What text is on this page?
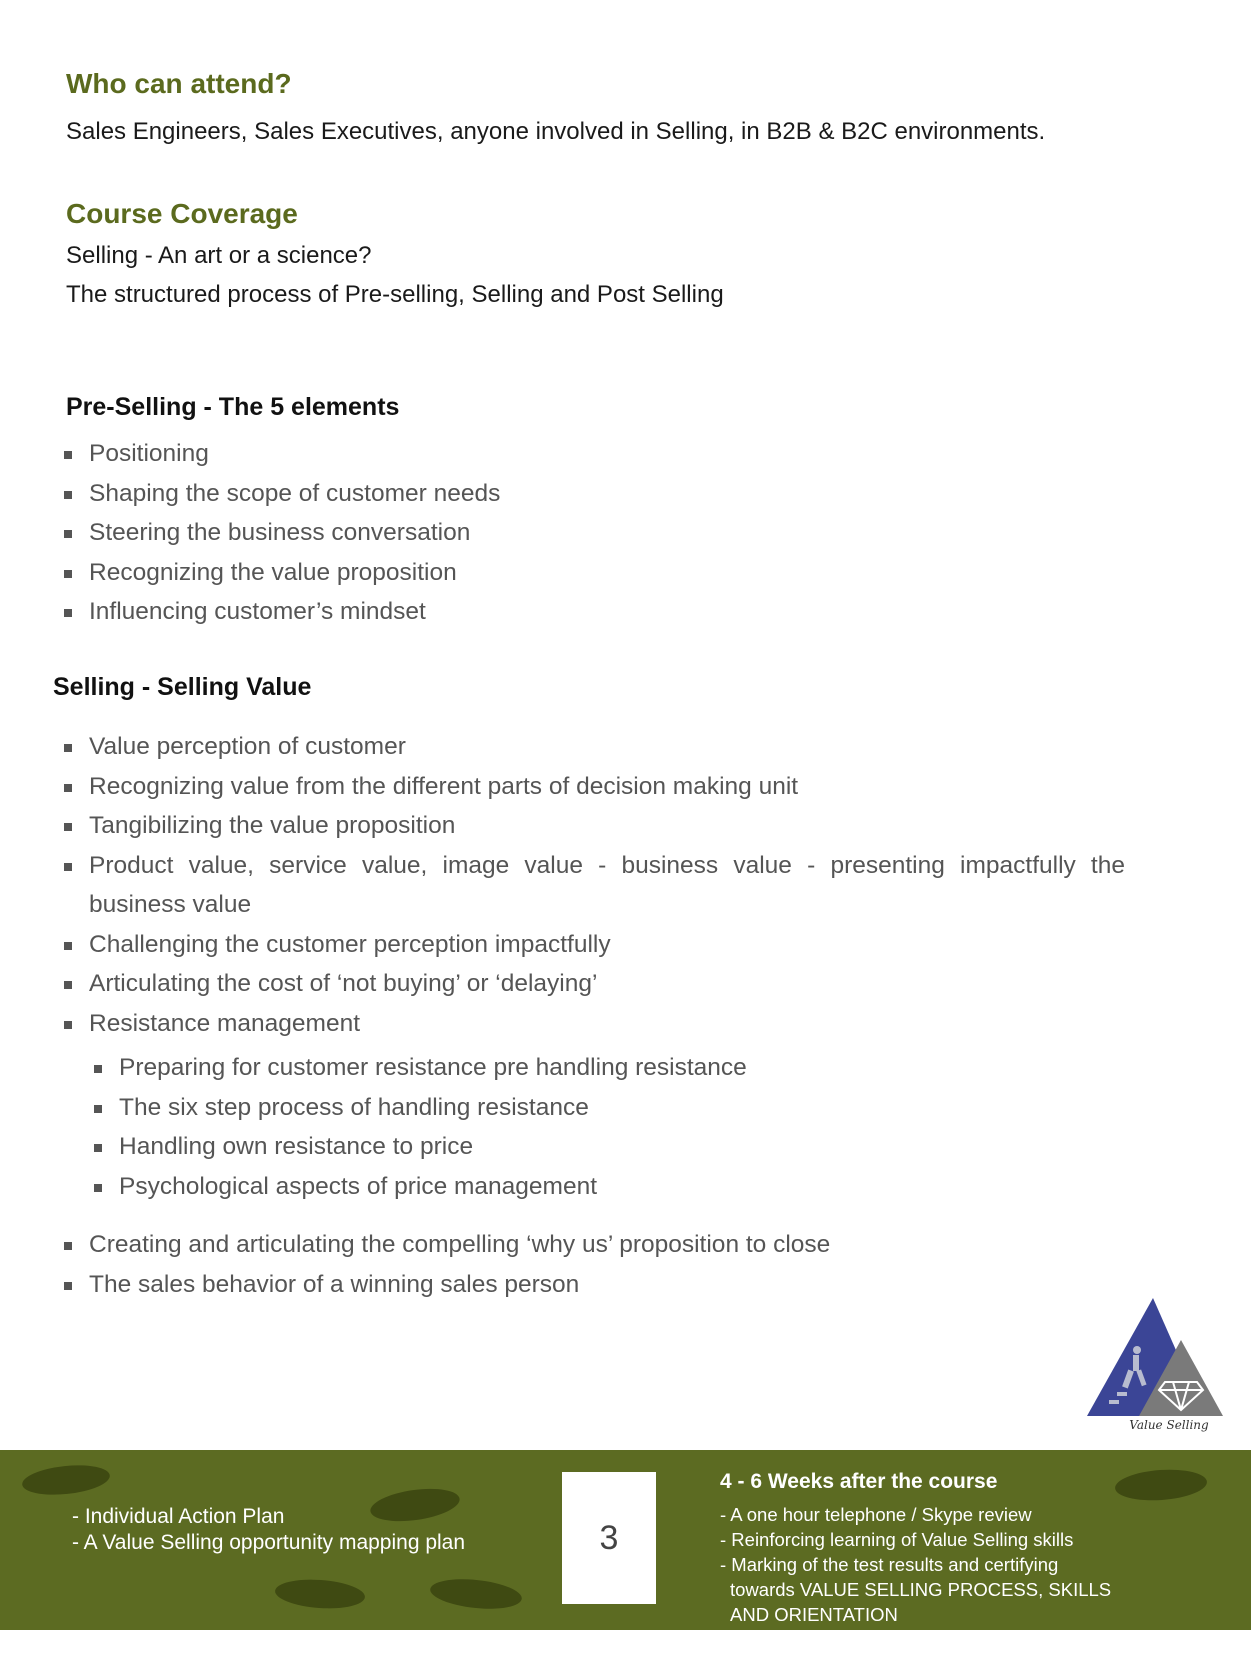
Who can attend?

Sales Engineers, Sales Executives, anyone involved in Selling, in B2B & B2C environments.

Course Coverage

Selling - An art or a science?

The structured process of Pre-selling, Selling and Post Selling

Pre-Selling - The 5 elements
Positioning
Shaping the scope of customer needs
Steering the business conversation
Recognizing the value proposition
Influencing customer’s mindset
Selling - Selling Value
Value perception of customer
Recognizing value from the different parts of decision making unit
Tangibilizing the value proposition
Product value, service value, image value - business value - presenting impactfully the business value
Challenging the customer perception impactfully
Articulating the cost of ‘not buying’ or ‘delaying’
Resistance management
Preparing for customer resistance pre handling resistance
The six step process of handling resistance
Handling own resistance to price
Psychological aspects of price management
Creating and articulating the compelling ‘why us’ proposition to close
The sales behavior of a winning sales person
Value Selling
- Individual Action Plan
- A Value Selling opportunity mapping plan	3
4 - 6 Weeks after the course
- A one hour telephone / Skype review
- Reinforcing learning of Value Selling skills
- Marking of the test results and certifying
towards VALUE SELLING PROCESS, SKILLS
AND ORIENTATION
